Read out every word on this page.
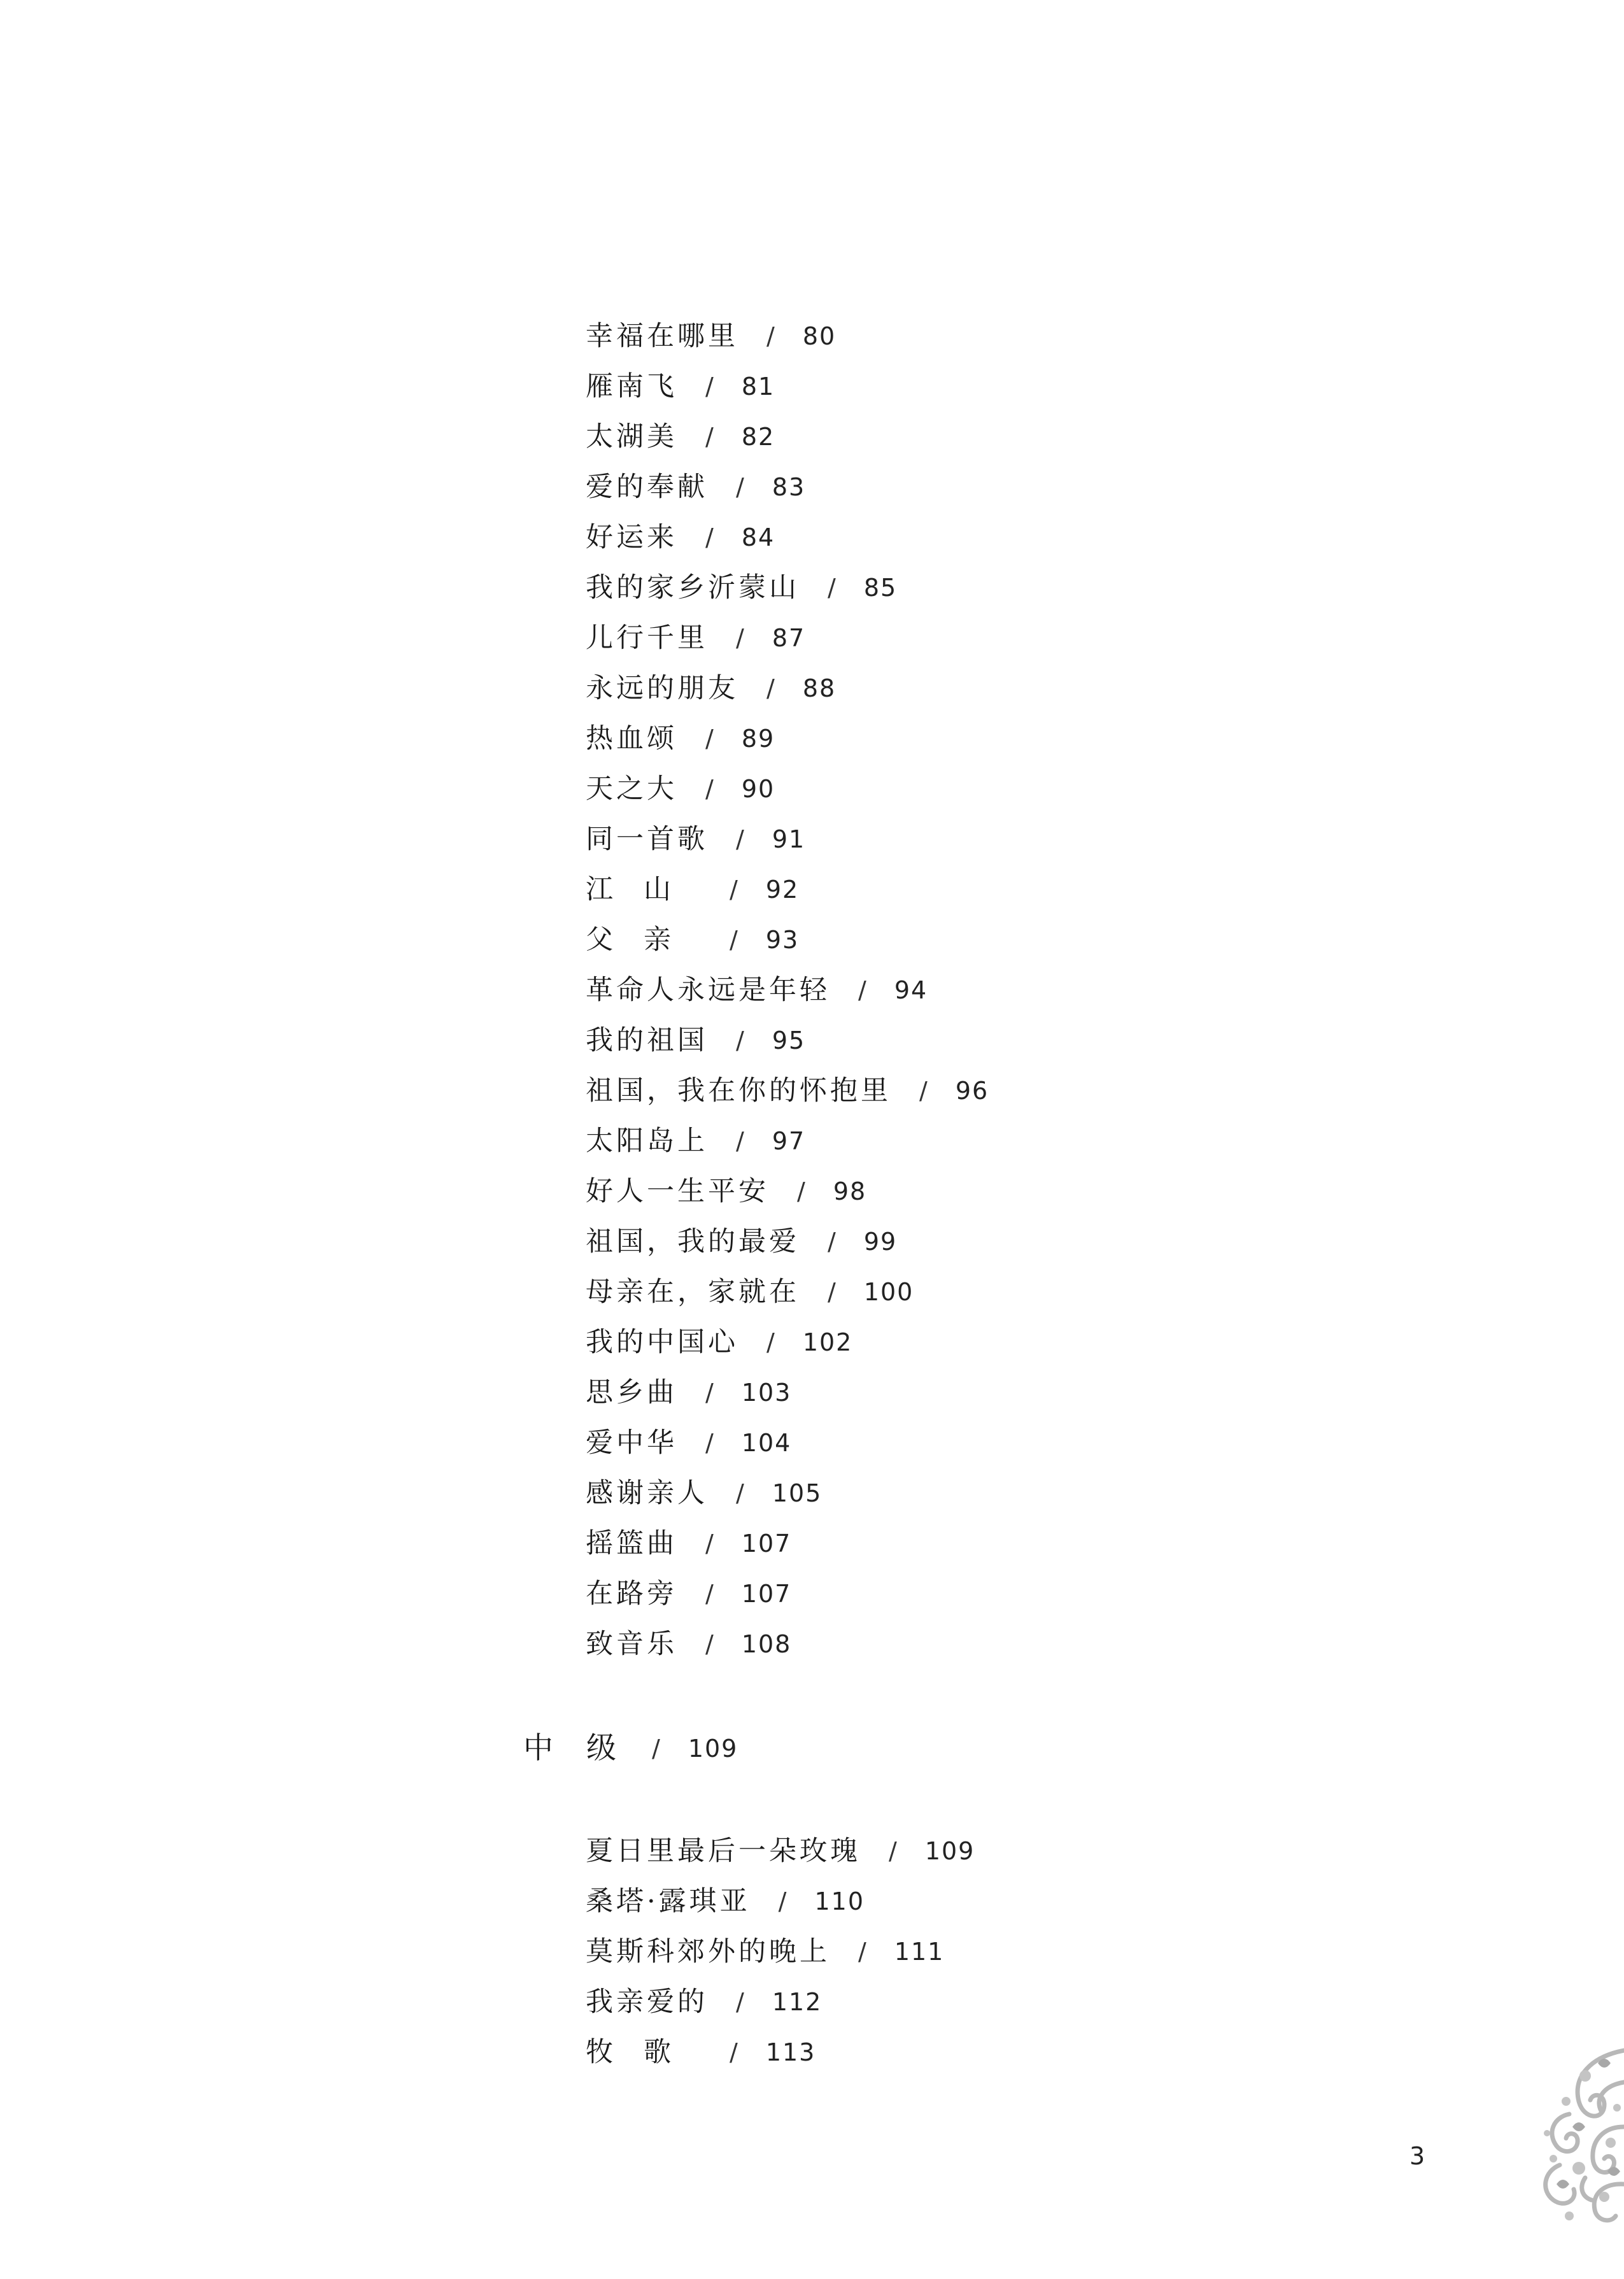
幸福在哪里 / 80
雁南飞 / 81
太湖美 / 82
爱的奉献 / 83
好运来 / 84
我的家乡沂蒙山 / 85
儿行千里 / 87
永远的朋友 / 88
热血颂 / 89
天之大 / 90
同一首歌 / 91
江山 / 92
父亲 / 93
革命人永远是年轻 / 94
我的祖国 / 95
祖国，我在你的怀抱里 / 96
太阳岛上 / 97
好人一生平安 / 98
祖国，我的最爱 / 99
母亲在，家就在 / 100
我的中国心 / 102
思乡曲 / 103
爱中华 / 104
感谢亲人 / 105
摇篮曲 / 107
在路旁 / 107
致音乐 / 108
中级 / 109
夏日里最后一朵玫瑰 / 109
桑塔·露琪亚 / 110
莫斯科郊外的晚上 / 111
我亲爱的 / 112
牧歌 / 113
3
